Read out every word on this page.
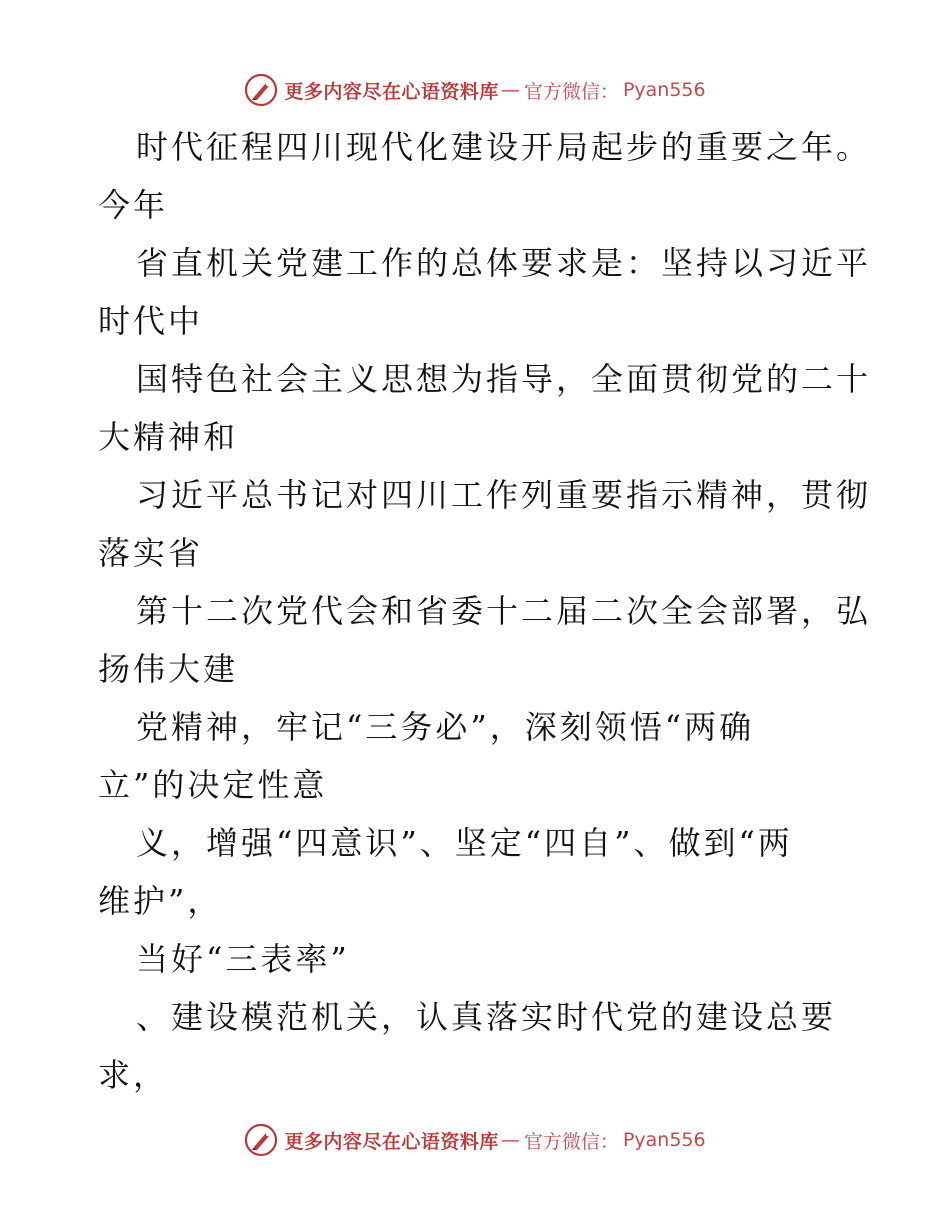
更多内容尽在心语资料库 — 官方微信： Pyan556
时代征程四川现代化建设开局起步的重要之年。
今年
省直机关党建工作的总体要求是：坚持以习近平
时代中
国特色社会主义思想为指导，全面贯彻党的二十
大精神和
习近平总书记对四川工作列重要指示精神，贯彻
落实省
第十二次党代会和省委十二届二次全会部署，弘
扬伟大建
党精神，牢记“三务必”，深刻领悟“两确
立”的决定性意
义，增强“四意识”、坚定“四自”、做到“两
维护”，
当好“三表率”
、建设模范机关，认真落实时代党的建设总要
求，
更多内容尽在心语资料库 — 官方微信： Pyan556
